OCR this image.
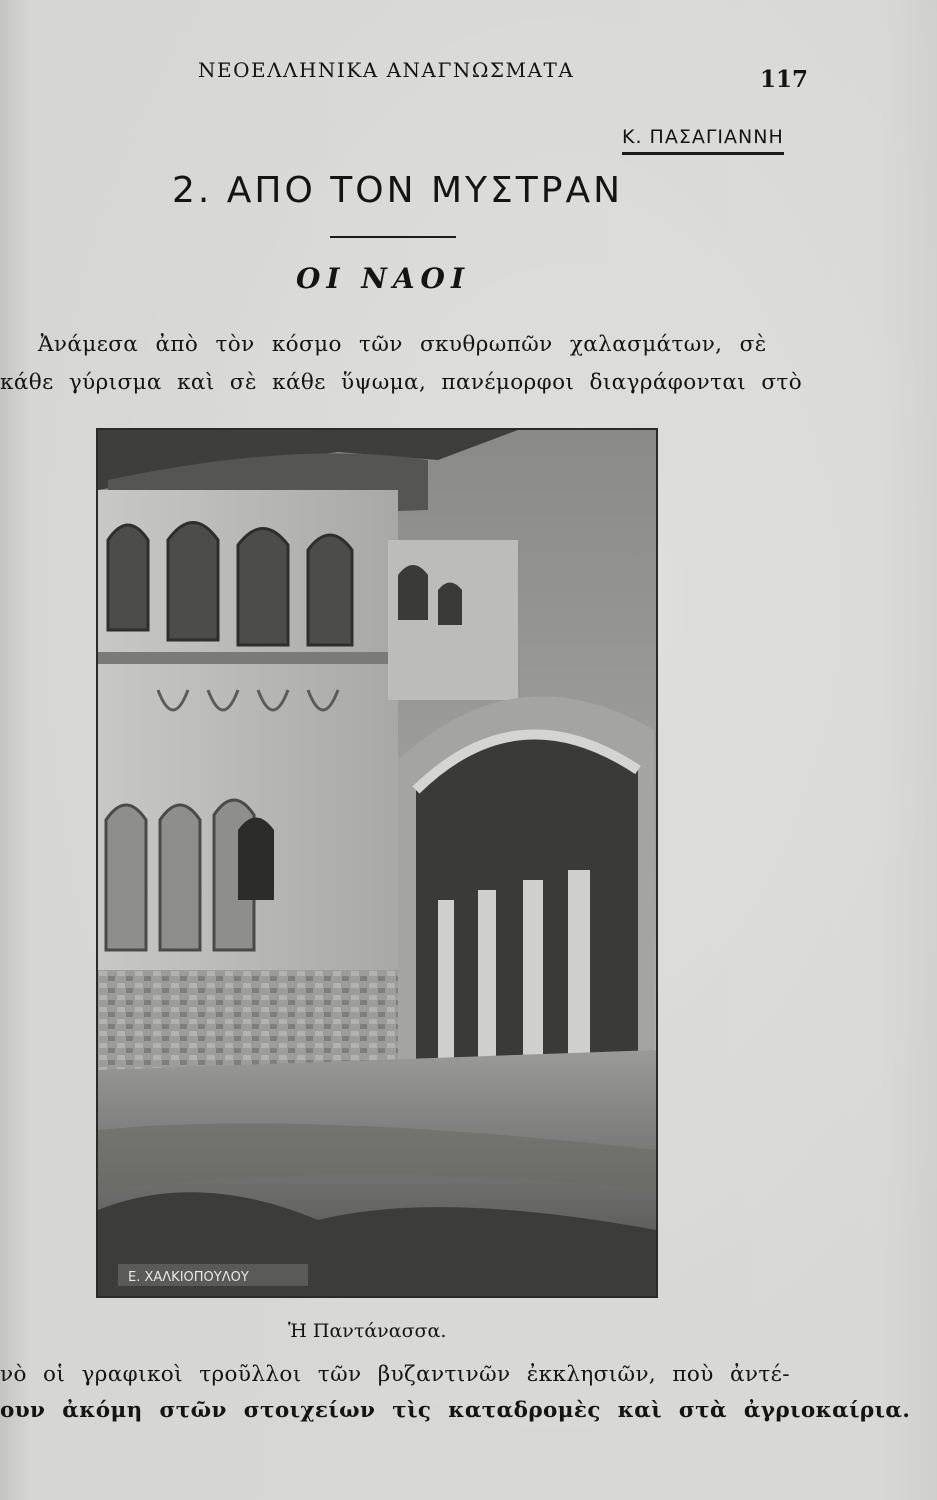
ΝΕΟΕΛΛΗΝΙΚΑ ΑΝΑΓΝΩΣΜΑΤΑ	117
Κ. ΠΑΣΑΓΙΑΝΝΗ
2. ΑΠΟ ΤΟΝ ΜΥΣΤΡΑΝ
ΟΙ ΝΑΟΙ
Ἀνάμεσα ἀπὸ τὸν κόσμο τῶν σκυθρωπῶν χαλασμάτων, σὲ
κάθε γύρισμα καὶ σὲ κάθε ὕψωμα, πανέμορφοι διαγράφονται στὸ
Ε. ΧΑΛΚΙΟΠΟΥΛΟΥ
Ἡ Παντάνασσα.
νὸ οἱ γραφικοὶ τροῦλλοι τῶν βυζαντινῶν ἐκκλησιῶν, ποὺ ἀντέ-
ουν ἀκόμη στῶν στοιχείων τὶς καταδρομὲς καὶ στὰ ἀγριοκαίρια.
